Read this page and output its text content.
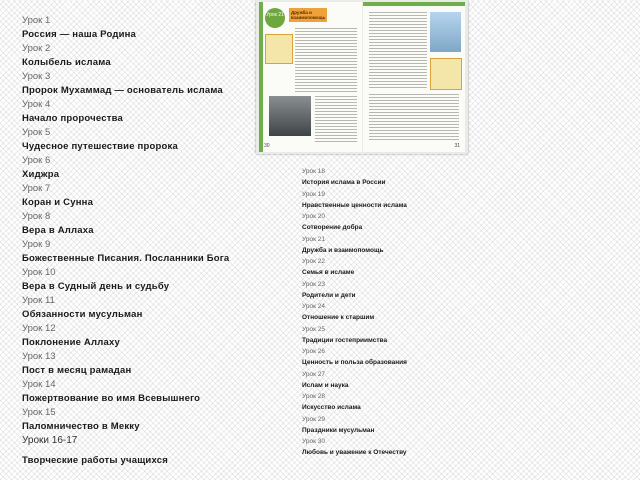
Урок 1
Россия — наша Родина
Урок 2
Колыбель ислама
Урок 3
Пророк Мухаммад — основатель ислама
Урок 4
Начало пророчества
Урок 5
Чудесное путешествие пророка
Урок 6
Хиджра
Урок 7
Коран и Сунна
Урок 8
Вера в Аллаха
Урок 9
Божественные Писания. Посланники Бога
Урок 10
Вера в Судный день и судьбу
Урок 11
Обязанности мусульман
Урок 12
Поклонение Аллаху
Урок 13
Пост в месяц рамадан
Урок 14
Пожертвование во имя Всевышнего
Урок 15
Паломничество в Мекку
Уроки 16-17
Творческие работы учащихся
Урок 18
История ислама в России
Урок 19
Нравственные ценности ислама
Урок 20
Сотворение добра
Урок 21
Дружба и взаимопомощь
Урок 22
Семья в исламе
Урок 23
Родители и дети
Урок 24
Отношение к старшим
Урок 25
Традиции гостеприимства
Урок 26
Ценность и польза образования
Урок 27
Ислам и наука
Урок 28
Искусство ислама
Урок 29
Праздники мусульман
Урок 30
Любовь и уважение к Отечеству
Урок 21	Дружба и взаимопомощь
30	31
